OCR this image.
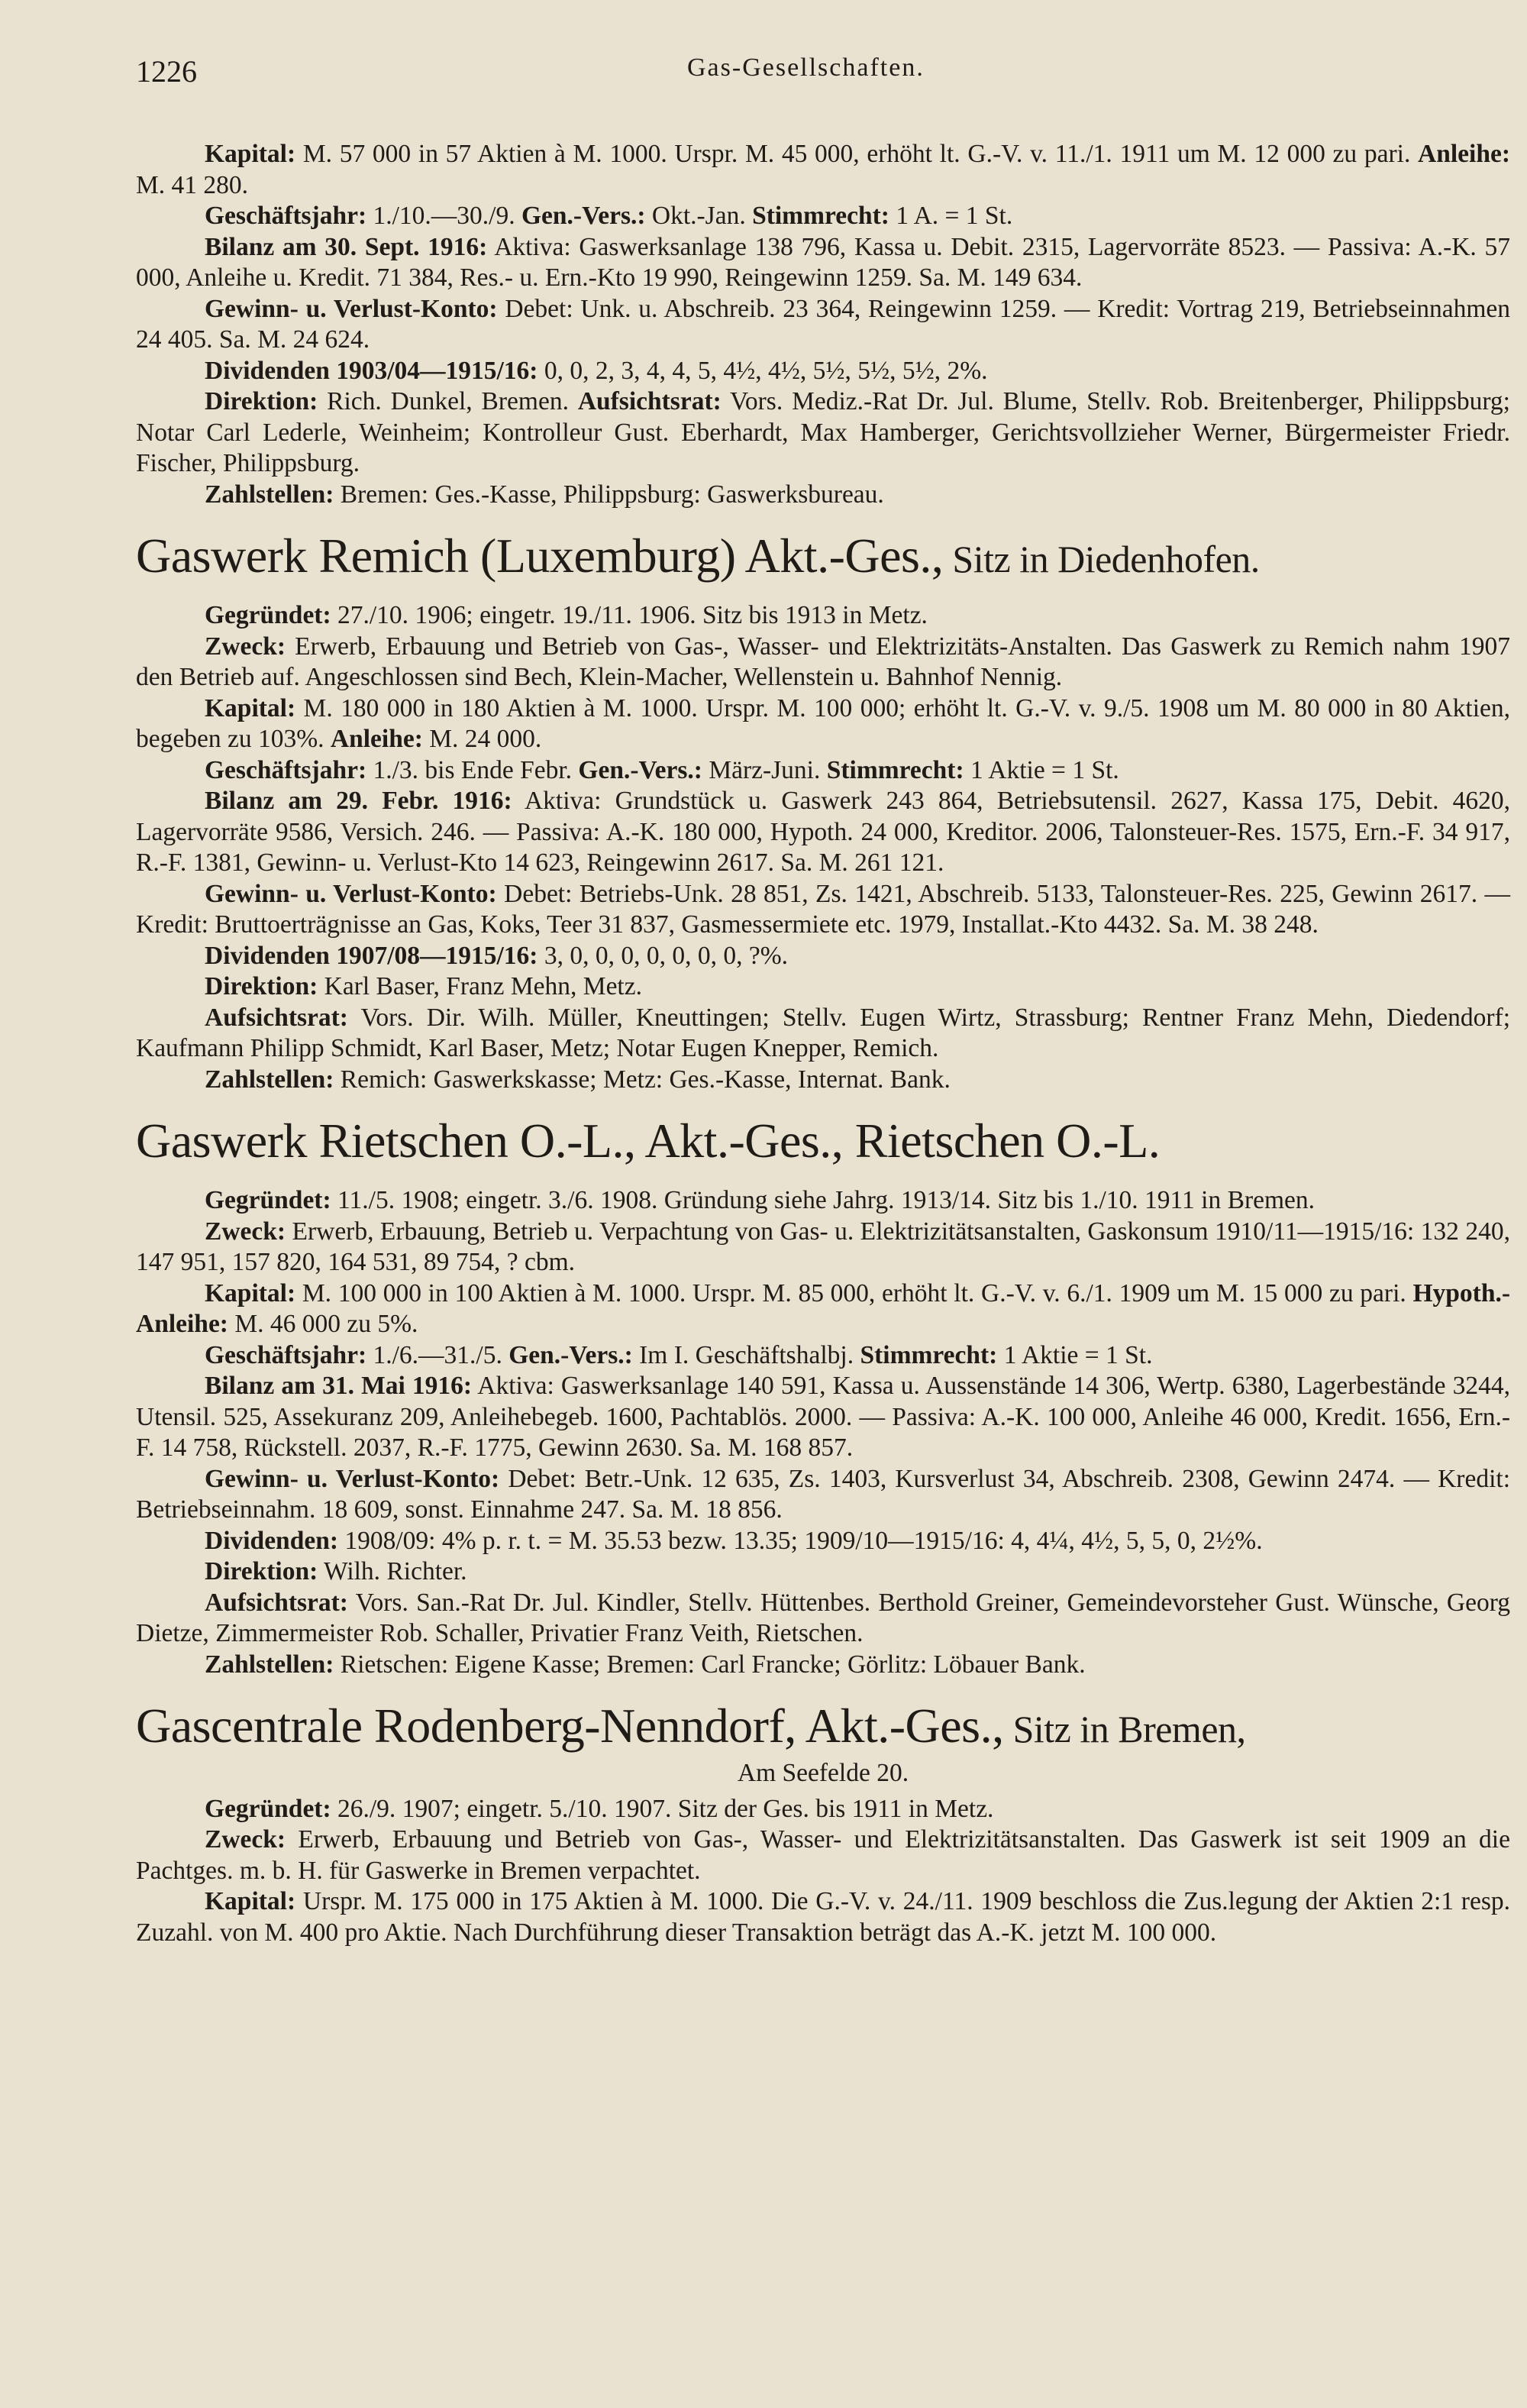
1226	Gas-Gesellschaften.

Kapital: M. 57 000 in 57 Aktien à M. 1000. Urspr. M. 45 000, erhöht lt. G.-V. v. 11./1. 1911 um M. 12 000 zu pari. Anleihe: M. 41 280.

Geschäftsjahr: 1./10.—30./9. Gen.-Vers.: Okt.-Jan. Stimmrecht: 1 A. = 1 St.

Bilanz am 30. Sept. 1916: Aktiva: Gaswerksanlage 138 796, Kassa u. Debit. 2315, Lagervorräte 8523. — Passiva: A.-K. 57 000, Anleihe u. Kredit. 71 384, Res.- u. Ern.-Kto 19 990, Reingewinn 1259. Sa. M. 149 634.

Gewinn- u. Verlust-Konto: Debet: Unk. u. Abschreib. 23 364, Reingewinn 1259. — Kredit: Vortrag 219, Betriebseinnahmen 24 405. Sa. M. 24 624.

Dividenden 1903/04—1915/16: 0, 0, 2, 3, 4, 4, 5, 4½, 4½, 5½, 5½, 5½, 2%.

Direktion: Rich. Dunkel, Bremen. Aufsichtsrat: Vors. Mediz.-Rat Dr. Jul. Blume, Stellv. Rob. Breitenberger, Philippsburg; Notar Carl Lederle, Weinheim; Kontrolleur Gust. Eberhardt, Max Hamberger, Gerichtsvollzieher Werner, Bürgermeister Friedr. Fischer, Philippsburg.

Zahlstellen: Bremen: Ges.-Kasse, Philippsburg: Gaswerksbureau.

Gaswerk Remich (Luxemburg) Akt.-Ges., Sitz in Diedenhofen.

Gegründet: 27./10. 1906; eingetr. 19./11. 1906. Sitz bis 1913 in Metz.

Zweck: Erwerb, Erbauung und Betrieb von Gas-, Wasser- und Elektrizitäts-Anstalten. Das Gaswerk zu Remich nahm 1907 den Betrieb auf. Angeschlossen sind Bech, Klein-Macher, Wellenstein u. Bahnhof Nennig.

Kapital: M. 180 000 in 180 Aktien à M. 1000. Urspr. M. 100 000; erhöht lt. G.-V. v. 9./5. 1908 um M. 80 000 in 80 Aktien, begeben zu 103%. Anleihe: M. 24 000.

Geschäftsjahr: 1./3. bis Ende Febr. Gen.-Vers.: März-Juni. Stimmrecht: 1 Aktie = 1 St.

Bilanz am 29. Febr. 1916: Aktiva: Grundstück u. Gaswerk 243 864, Betriebsutensil. 2627, Kassa 175, Debit. 4620, Lagervorräte 9586, Versich. 246. — Passiva: A.-K. 180 000, Hypoth. 24 000, Kreditor. 2006, Talonsteuer-Res. 1575, Ern.-F. 34 917, R.-F. 1381, Gewinn- u. Verlust-Kto 14 623, Reingewinn 2617. Sa. M. 261 121.

Gewinn- u. Verlust-Konto: Debet: Betriebs-Unk. 28 851, Zs. 1421, Abschreib. 5133, Talonsteuer-Res. 225, Gewinn 2617. — Kredit: Bruttoerträgnisse an Gas, Koks, Teer 31 837, Gasmessermiete etc. 1979, Installat.-Kto 4432. Sa. M. 38 248.

Dividenden 1907/08—1915/16: 3, 0, 0, 0, 0, 0, 0, 0, ?%.

Direktion: Karl Baser, Franz Mehn, Metz.

Aufsichtsrat: Vors. Dir. Wilh. Müller, Kneuttingen; Stellv. Eugen Wirtz, Strassburg; Rentner Franz Mehn, Diedendorf; Kaufmann Philipp Schmidt, Karl Baser, Metz; Notar Eugen Knepper, Remich.

Zahlstellen: Remich: Gaswerkskasse; Metz: Ges.-Kasse, Internat. Bank.

Gaswerk Rietschen O.-L., Akt.-Ges., Rietschen O.-L.

Gegründet: 11./5. 1908; eingetr. 3./6. 1908. Gründung siehe Jahrg. 1913/14. Sitz bis 1./10. 1911 in Bremen.

Zweck: Erwerb, Erbauung, Betrieb u. Verpachtung von Gas- u. Elektrizitätsanstalten, Gaskonsum 1910/11—1915/16: 132 240, 147 951, 157 820, 164 531, 89 754, ? cbm.

Kapital: M. 100 000 in 100 Aktien à M. 1000. Urspr. M. 85 000, erhöht lt. G.-V. v. 6./1. 1909 um M. 15 000 zu pari. Hypoth.-Anleihe: M. 46 000 zu 5%.

Geschäftsjahr: 1./6.—31./5. Gen.-Vers.: Im I. Geschäftshalbj. Stimmrecht: 1 Aktie = 1 St.

Bilanz am 31. Mai 1916: Aktiva: Gaswerksanlage 140 591, Kassa u. Aussenstände 14 306, Wertp. 6380, Lagerbestände 3244, Utensil. 525, Assekuranz 209, Anleihebegeb. 1600, Pachtablös. 2000. — Passiva: A.-K. 100 000, Anleihe 46 000, Kredit. 1656, Ern.-F. 14 758, Rückstell. 2037, R.-F. 1775, Gewinn 2630. Sa. M. 168 857.

Gewinn- u. Verlust-Konto: Debet: Betr.-Unk. 12 635, Zs. 1403, Kursverlust 34, Abschreib. 2308, Gewinn 2474. — Kredit: Betriebseinnahm. 18 609, sonst. Einnahme 247. Sa. M. 18 856.

Dividenden: 1908/09: 4% p. r. t. = M. 35.53 bezw. 13.35; 1909/10—1915/16: 4, 4¼, 4½, 5, 5, 0, 2½%.

Direktion: Wilh. Richter.

Aufsichtsrat: Vors. San.-Rat Dr. Jul. Kindler, Stellv. Hüttenbes. Berthold Greiner, Gemeindevorsteher Gust. Wünsche, Georg Dietze, Zimmermeister Rob. Schaller, Privatier Franz Veith, Rietschen.

Zahlstellen: Rietschen: Eigene Kasse; Bremen: Carl Francke; Görlitz: Löbauer Bank.

Gascentrale Rodenberg-Nenndorf, Akt.-Ges., Sitz in Bremen,
Am Seefelde 20.

Gegründet: 26./9. 1907; eingetr. 5./10. 1907. Sitz der Ges. bis 1911 in Metz.

Zweck: Erwerb, Erbauung und Betrieb von Gas-, Wasser- und Elektrizitätsanstalten. Das Gaswerk ist seit 1909 an die Pachtges. m. b. H. für Gaswerke in Bremen verpachtet.

Kapital: Urspr. M. 175 000 in 175 Aktien à M. 1000. Die G.-V. v. 24./11. 1909 beschloss die Zus.legung der Aktien 2:1 resp. Zuzahl. von M. 400 pro Aktie. Nach Durchführung dieser Transaktion beträgt das A.-K. jetzt M. 100 000.
